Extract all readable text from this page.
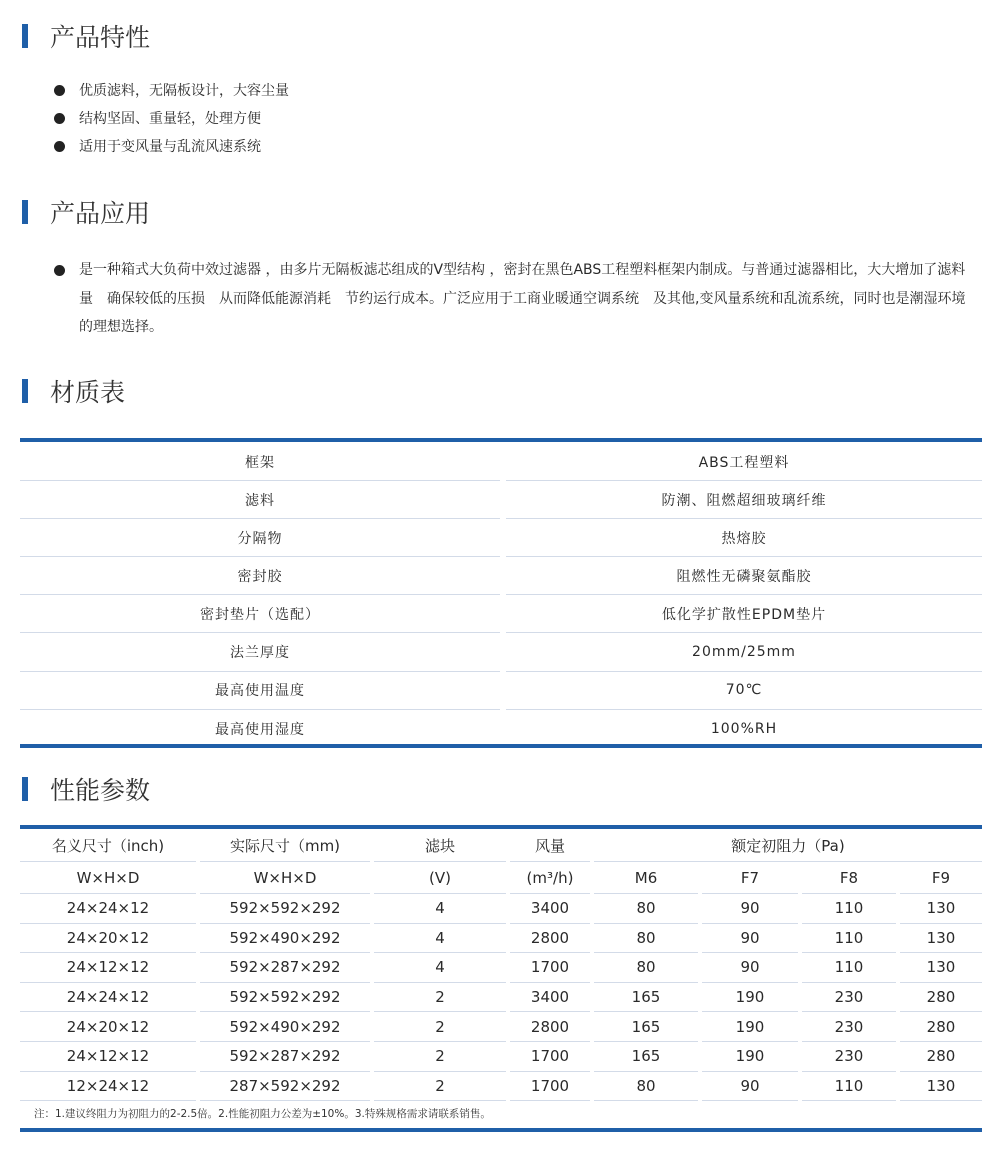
产品特性
优质滤料，无隔板设计，大容尘量
结构坚固、重量轻，处理方便
适用于变风量与乱流风速系统
产品应用
是一种箱式大负荷中效过滤器 ，由多片无隔板滤芯组成的V型结构 ，密封在黑色ABS工程塑料框架内制成。与普通过滤器相比，大大增加了滤料量　确保较低的压损　从而降低能源消耗　节约运行成本。广泛应用于工商业暖通空调系统　及其他,变风量系统和乱流系统，同时也是潮湿环境的理想选择。
材质表
框架	ABS工程塑料
滤料	防潮、阻燃超细玻璃纤维
分隔物	热熔胶
密封胶	阻燃性无磷聚氨酯胶
密封垫片（选配）	低化学扩散性EPDM垫片
法兰厚度	20mm/25mm
最高使用温度	70℃
最高使用湿度	100%RH
性能参数
名义尺寸（inch)	实际尺寸（mm)	滤块	风量	额定初阻力（Pa)
W×H×D	W×H×D	(V)	(m³/h)	M6	F7	F8	F9
24×24×12	592×592×292	4	3400	80	90	110	130
24×20×12	592×490×292	4	2800	80	90	110	130
24×12×12	592×287×292	4	1700	80	90	110	130
24×24×12	592×592×292	2	3400	165	190	230	280
24×20×12	592×490×292	2	2800	165	190	230	280
24×12×12	592×287×292	2	1700	165	190	230	280
12×24×12	287×592×292	2	1700	80	90	110	130
注：1.建议终阻力为初阻力的2-2.5倍。2.性能初阻力公差为±10%。3.特殊规格需求请联系销售。
